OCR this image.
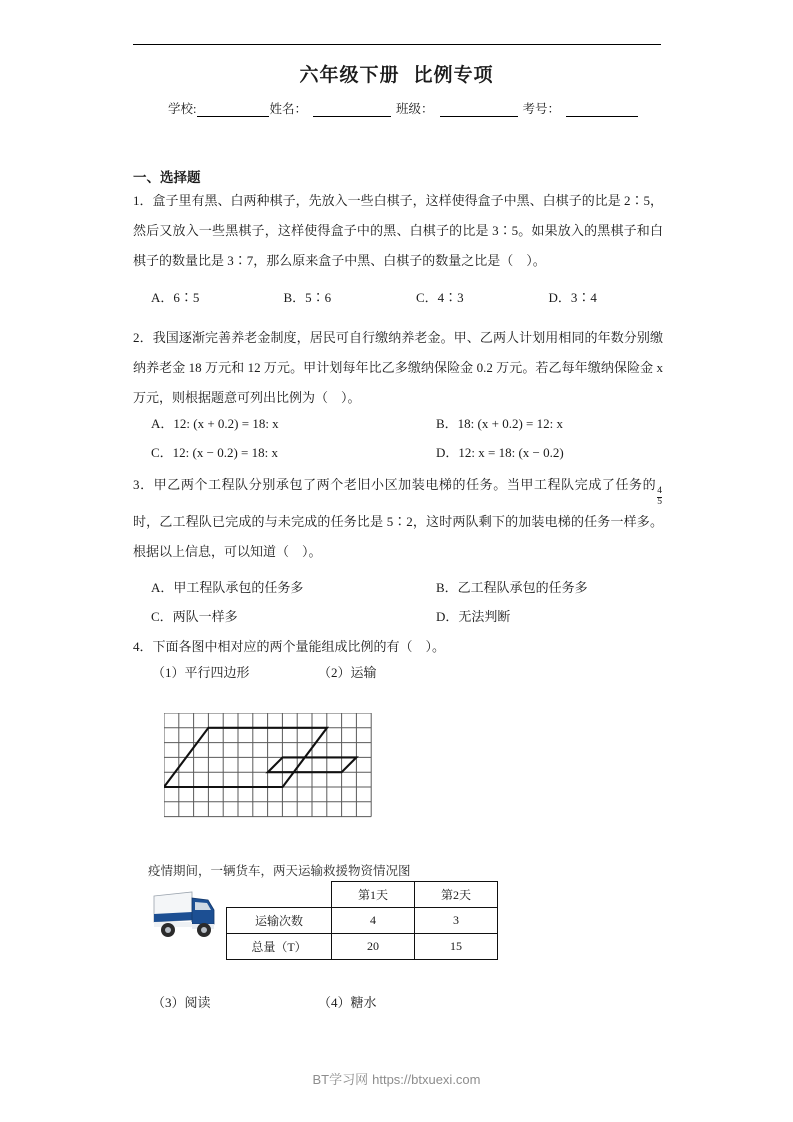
六年级下册 比例专项
学校:	姓名：	班级：	考号：
一、选择题
1．盒子里有黑、白两种棋子，先放入一些白棋子，这样使得盒子中黑、白棋子的比是 2∶5，然后又放入一些黑棋子，这样使得盒子中的黑、白棋子的比是 3∶5。如果放入的黑棋子和白棋子的数量比是 3∶7，那么原来盒子中黑、白棋子的数量之比是（　）。
A．6∶5	B．5∶6	C．4∶3	D．3∶4
2．我国逐渐完善养老金制度，居民可自行缴纳养老金。甲、乙两人计划用相同的年数分别缴纳养老金 18 万元和 12 万元。甲计划每年比乙多缴纳保险金 0.2 万元。若乙每年缴纳保险金 x 万元，则根据题意可列出比例为（　）。
A．12: (x + 0.2) = 18: x	B．18: (x + 0.2) = 12: x
C．12: (x − 0.2) = 18: x	D．12: x = 18: (x − 0.2)
3．甲乙两个工程队分别承包了两个老旧小区加装电梯的任务。当甲工程队完成了任务的
$\frac{4}{5}$
时，乙工程队已完成的与未完成的任务比是 5∶2，这时两队剩下的加装电梯的任务一样多。根据以上信息，可以知道（　）。
A．甲工程队承包的任务多	B．乙工程队承包的任务多
C．两队一样多	D．无法判断
4．下面各图中相对应的两个量能组成比例的有（　）。
（1）平行四边形	（2）运输
疫情期间，一辆货车，两天运输救援物资情况图
	第1天	第2天
运输次数	4	3
总量（T）	20	15
（3）阅读	（4）糖水
BT学习网 https://btxuexi.com
